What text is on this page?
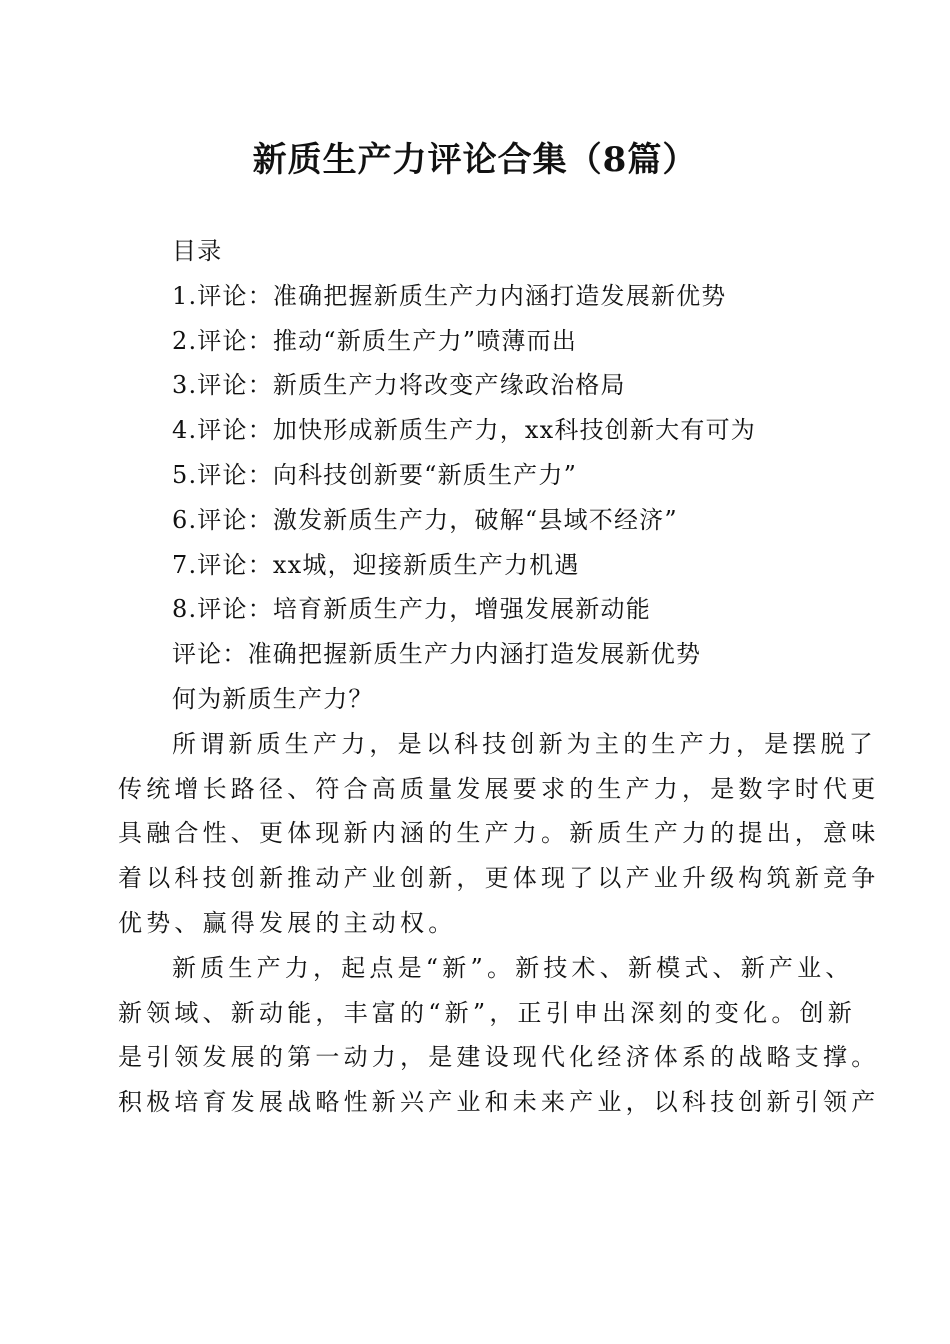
新质生产力评论合集（8篇）

目录

1.评论：准确把握新质生产力内涵打造发展新优势

2.评论：推动“新质生产力”喷薄而出

3.评论：新质生产力将改变产缘政治格局

4.评论：加快形成新质生产力，xx科技创新大有可为

5.评论：向科技创新要“新质生产力”

6.评论：激发新质生产力，破解“县域不经济”

7.评论：xx城，迎接新质生产力机遇

8.评论：培育新质生产力，增强发展新动能

评论：准确把握新质生产力内涵打造发展新优势

何为新质生产力？

所谓新质生产力，是以科技创新为主的生产力，是摆脱了
传统增长路径、符合高质量发展要求的生产力，是数字时代更
具融合性、更体现新内涵的生产力。新质生产力的提出，意味
着以科技创新推动产业创新，更体现了以产业升级构筑新竞争
优势、赢得发展的主动权。
新质生产力，起点是“新”。新技术、新模式、新产业、
新领域、新动能，丰富的“新”，正引申出深刻的变化。创新
是引领发展的第一动力，是建设现代化经济体系的战略支撑。
积极培育发展战略性新兴产业和未来产业，以科技创新引领产
